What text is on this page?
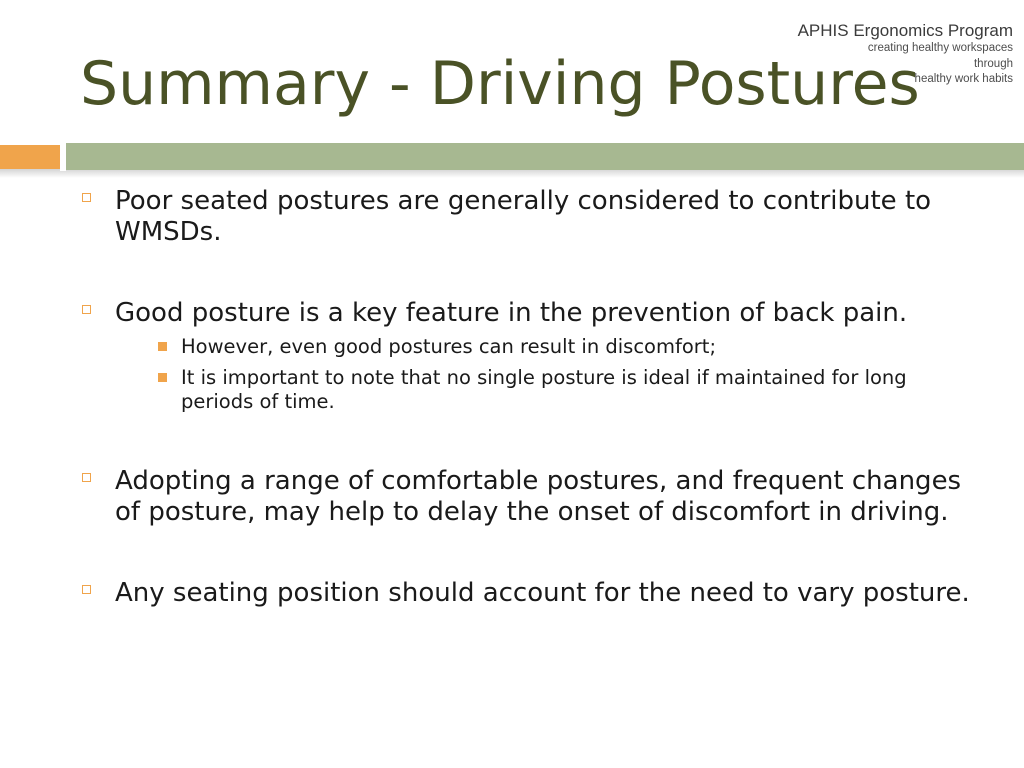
Summary - Driving Postures
APHIS Ergonomics Program
creating healthy workspaces
through
healthy work habits
Poor seated postures are generally considered to contribute to WMSDs.
Good posture is a key feature in the prevention of back pain.
However, even good postures can result in discomfort;
It is important to note that no single posture is ideal if maintained for long periods of time.
Adopting a range of comfortable postures, and frequent changes of posture, may help to delay the onset of discomfort in driving.
Any seating position should account for the need to vary posture.
